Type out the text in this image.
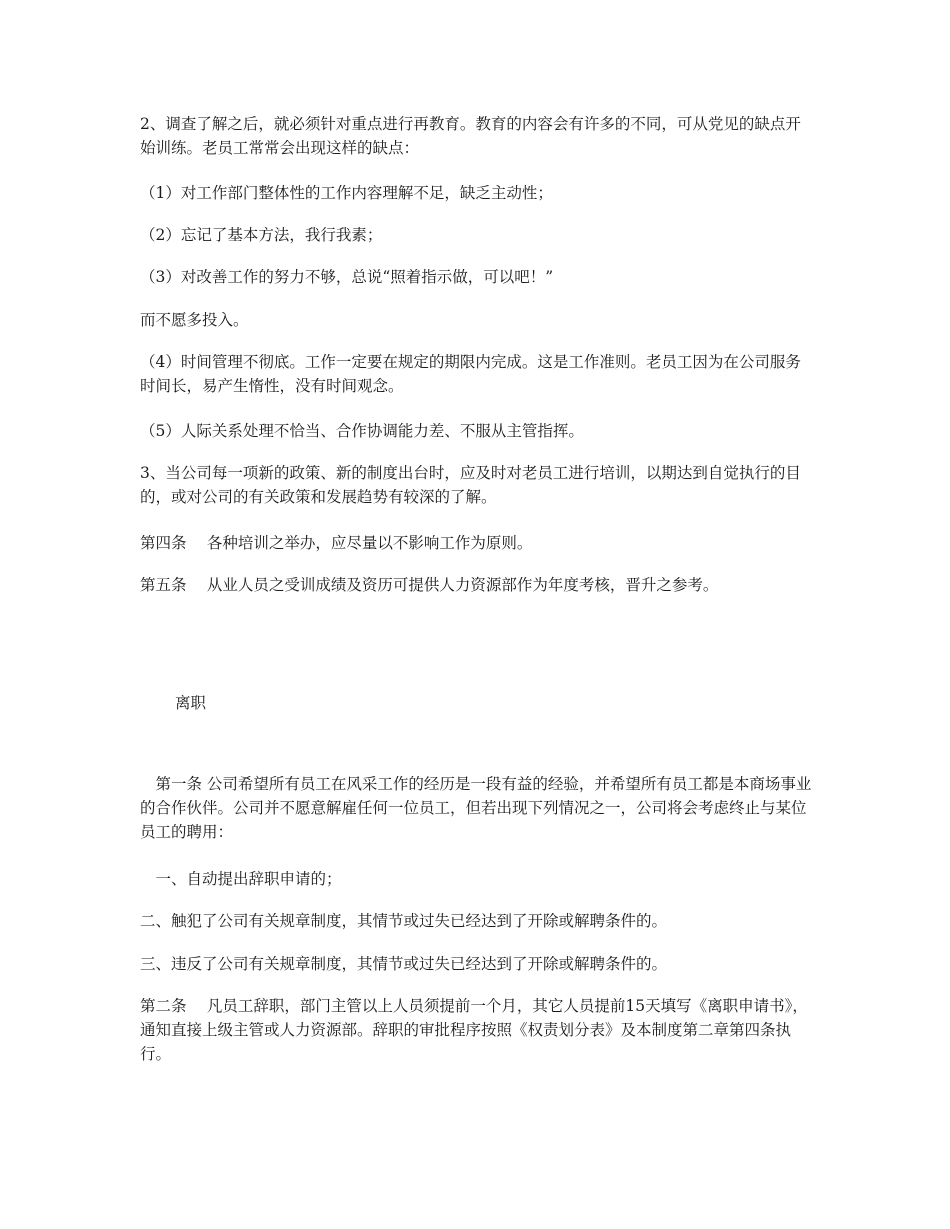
2、调查了解之后，就必须针对重点进行再教育。教育的内容会有许多的不同，可从党见的缺点开始训练。老员工常常会出现这样的缺点：

（1）对工作部门整体性的工作内容理解不足，缺乏主动性；

（2）忘记了基本方法，我行我素；

（3）对改善工作的努力不够，总说“照着指示做，可以吧！”

而不愿多投入。

（4）时间管理不彻底。工作一定要在规定的期限内完成。这是工作准则。老员工因为在公司服务时间长，易产生惰性，没有时间观念。

（5）人际关系处理不恰当、合作协调能力差、不服从主管指挥。

3、当公司每一项新的政策、新的制度出台时，应及时对老员工进行培训，以期达到自觉执行的目的，或对公司的有关政策和发展趋势有较深的了解。

第四条　 各种培训之举办，应尽量以不影响工作为原则。

第五条　 从业人员之受训成绩及资历可提供人力资源部作为年度考核，晋升之参考。

离职

　第一条 公司希望所有员工在风采工作的经历是一段有益的经验，并希望所有员工都是本商场事业的合作伙伴。公司并不愿意解雇任何一位员工，但若出现下列情况之一，公司将会考虑终止与某位员工的聘用：

　一、自动提出辞职申请的；

二、触犯了公司有关规章制度，其情节或过失已经达到了开除或解聘条件的。

三、违反了公司有关规章制度，其情节或过失已经达到了开除或解聘条件的。

第二条　 凡员工辞职，部门主管以上人员须提前一个月，其它人员提前15天填写《离职申请书》，通知直接上级主管或人力资源部。辞职的审批程序按照《权责划分表》及本制度第二章第四条执行。
